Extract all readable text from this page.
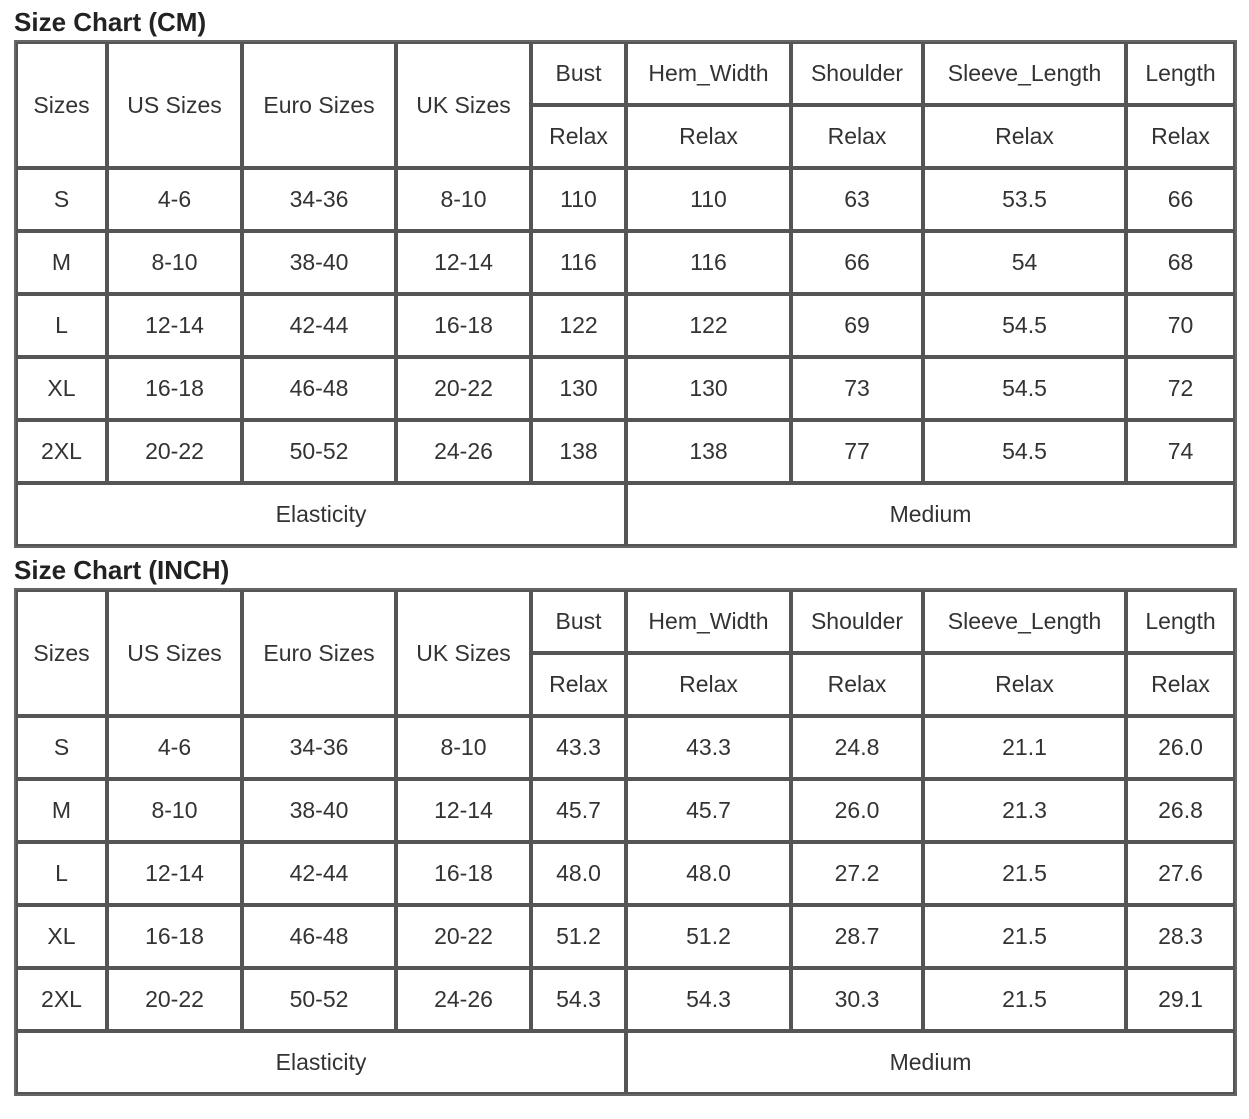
Size Chart (CM)
Sizes	US Sizes	Euro Sizes	UK Sizes	Bust	Hem_Width	Shoulder	Sleeve_Length	Length
				Relax	Relax	Relax	Relax	Relax
S	4-6	34-36	8-10	110	110	63	53.5	66
M	8-10	38-40	12-14	116	116	66	54	68
L	12-14	42-44	16-18	122	122	69	54.5	70
XL	16-18	46-48	20-22	130	130	73	54.5	72
2XL	20-22	50-52	24-26	138	138	77	54.5	74
Elasticity					Medium			
Size Chart (INCH)
Sizes	US Sizes	Euro Sizes	UK Sizes	Bust	Hem_Width	Shoulder	Sleeve_Length	Length
				Relax	Relax	Relax	Relax	Relax
S	4-6	34-36	8-10	43.3	43.3	24.8	21.1	26.0
M	8-10	38-40	12-14	45.7	45.7	26.0	21.3	26.8
L	12-14	42-44	16-18	48.0	48.0	27.2	21.5	27.6
XL	16-18	46-48	20-22	51.2	51.2	28.7	21.5	28.3
2XL	20-22	50-52	24-26	54.3	54.3	30.3	21.5	29.1
Elasticity					Medium			
